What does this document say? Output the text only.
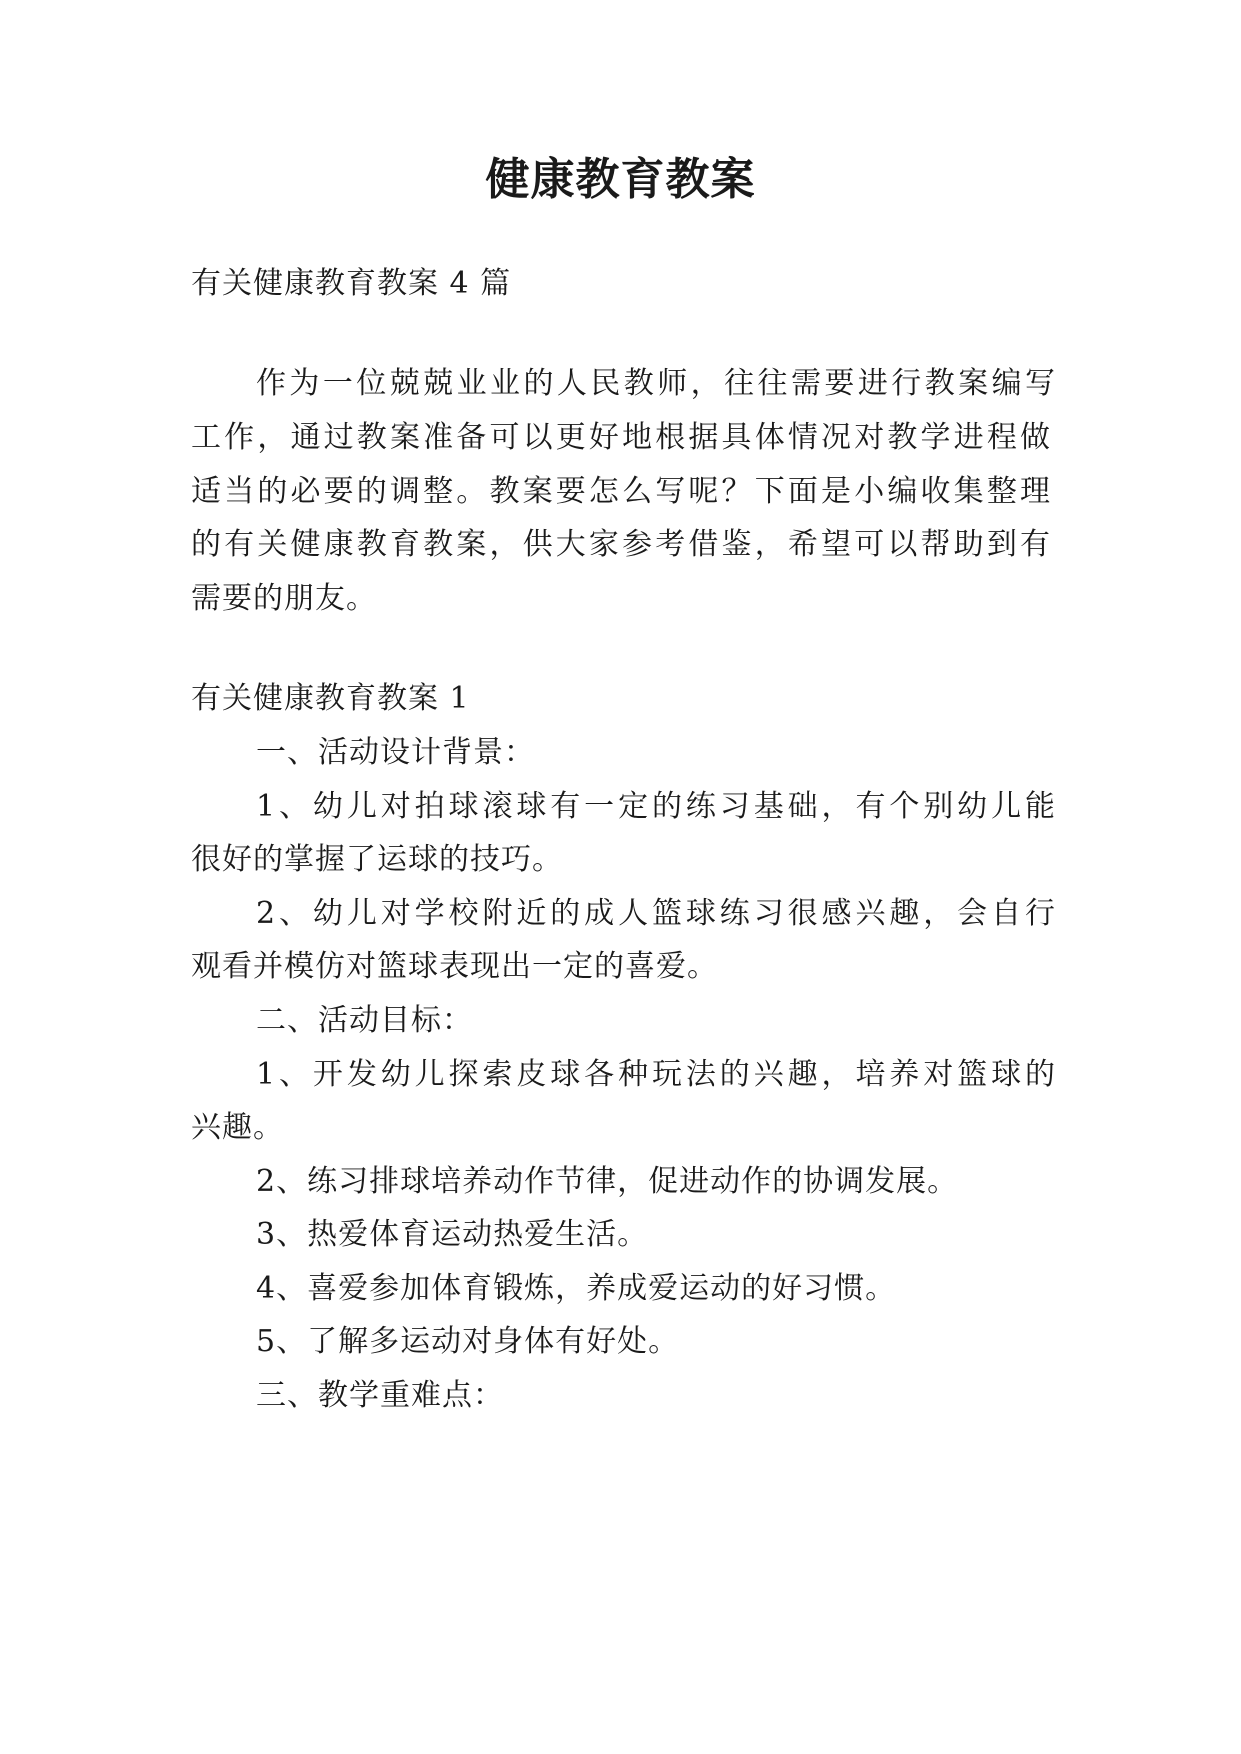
健康教育教案
有关健康教育教案 4 篇
作为一位兢兢业业的人民教师，往往需要进行教案编写
工作，通过教案准备可以更好地根据具体情况对教学进程做
适当的必要的调整。教案要怎么写呢？下面是小编收集整理
的有关健康教育教案，供大家参考借鉴，希望可以帮助到有
需要的朋友。
有关健康教育教案 1
一、活动设计背景：
1、幼儿对拍球滚球有一定的练习基础，有个别幼儿能
很好的掌握了运球的技巧。
2、幼儿对学校附近的成人篮球练习很感兴趣，会自行
观看并模仿对篮球表现出一定的喜爱。
二、活动目标：
1、开发幼儿探索皮球各种玩法的兴趣，培养对篮球的
兴趣。
2、练习排球培养动作节律，促进动作的协调发展。
3、热爱体育运动热爱生活。
4、喜爱参加体育锻炼，养成爱运动的好习惯。
5、了解多运动对身体有好处。
三、教学重难点：
